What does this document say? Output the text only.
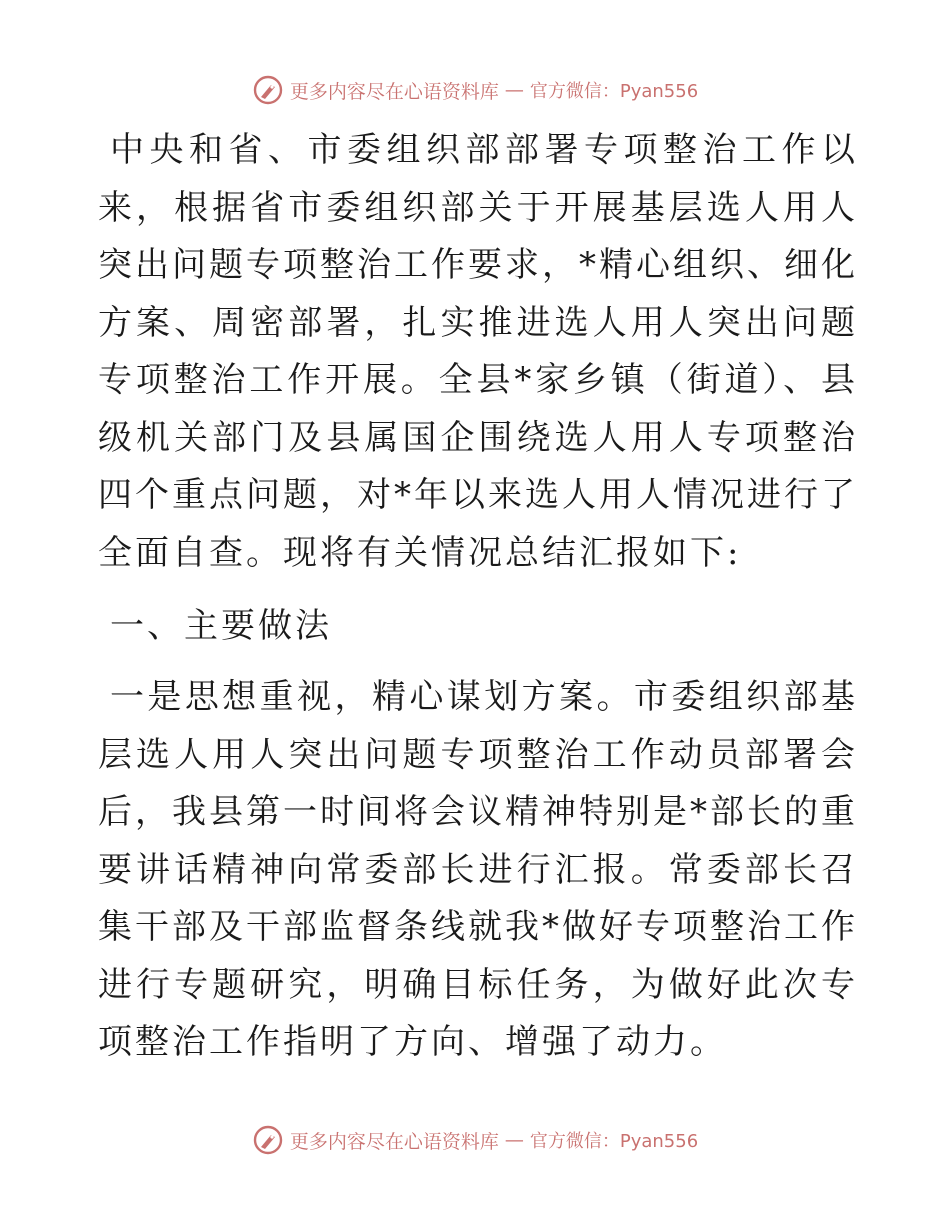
更多内容尽在心语资料库 — 官方微信：Pyan556

中央和省、市委组织部部署专项整治工作以来，根据省市委组织部关于开展基层选人用人突出问题专项整治工作要求，*精心组织、细化方案、周密部署，扎实推进选人用人突出问题专项整治工作开展。全县*家乡镇（街道）、县级机关部门及县属国企围绕选人用人专项整治四个重点问题，对*年以来选人用人情况进行了全面自查。现将有关情况总结汇报如下:

一、主要做法

一是思想重视，精心谋划方案。市委组织部基层选人用人突出问题专项整治工作动员部署会后，我县第一时间将会议精神特别是*部长的重要讲话精神向常委部长进行汇报。常委部长召集干部及干部监督条线就我*做好专项整治工作进行专题研究，明确目标任务，为做好此次专项整治工作指明了方向、增强了动力。

更多内容尽在心语资料库 — 官方微信：Pyan556
